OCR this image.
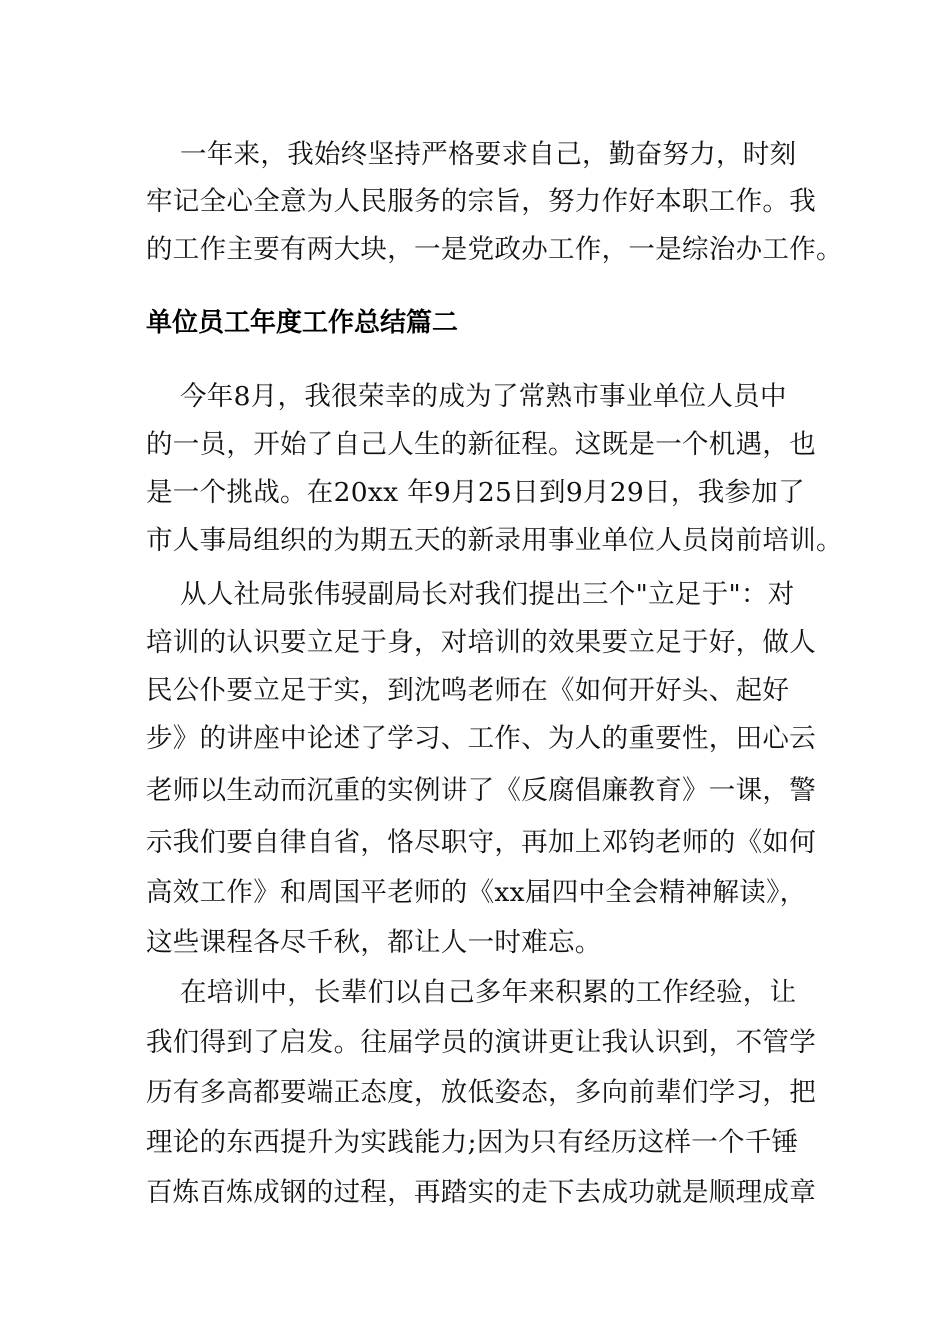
一年来，我始终坚持严格要求自己，勤奋努力，时刻
牢记全心全意为人民服务的宗旨，努力作好本职工作。我
的工作主要有两大块，一是党政办工作，一是综治办工作。
单位员工年度工作总结篇二
今年8月，我很荣幸的成为了常熟市事业单位人员中
的一员，开始了自己人生的新征程。这既是一个机遇，也
是一个挑战。在20xx 年9月25日到9月29日，我参加了
市人事局组织的为期五天的新录用事业单位人员岗前培训。
从人社局张伟骎副局长对我们提出三个"立足于"：对
培训的认识要立足于身，对培训的效果要立足于好，做人
民公仆要立足于实，到沈鸣老师在《如何开好头、起好
步》的讲座中论述了学习、工作、为人的重要性，田心云
老师以生动而沉重的实例讲了《反腐倡廉教育》一课，警
示我们要自律自省，恪尽职守，再加上邓钧老师的《如何
高效工作》和周国平老师的《xx届四中全会精神解读》，
这些课程各尽千秋，都让人一时难忘。
在培训中，长辈们以自己多年来积累的工作经验，让
我们得到了启发。往届学员的演讲更让我认识到，不管学
历有多高都要端正态度，放低姿态，多向前辈们学习，把
理论的东西提升为实践能力;因为只有经历这样一个千锤
百炼百炼成钢的过程，再踏实的走下去成功就是顺理成章
